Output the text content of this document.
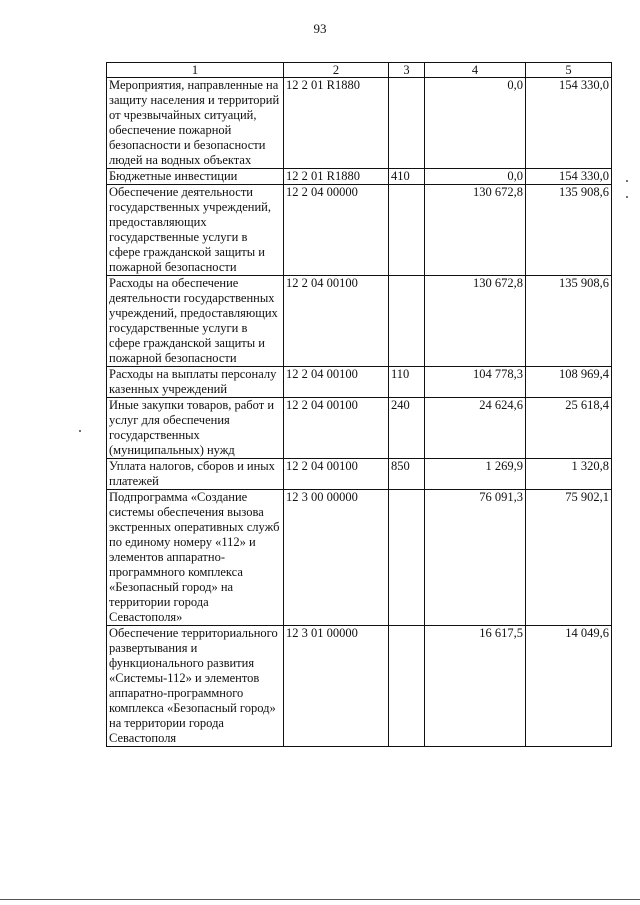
93
1	2	3	4	5
Мероприятия, направленные на защиту населения и территорий от чрезвычайных ситуаций, обеспечение пожарной безопасности и безопасности людей на водных объектах	12 2 01 R1880		0,0	154 330,0
Бюджетные инвестиции	12 2 01 R1880	410	0,0	154 330,0
Обеспечение деятельности государственных учреждений, предоставляющих государственные услуги в сфере гражданской защиты и пожарной безопасности	12 2 04 00000		130 672,8	135 908,6
Расходы на обеспечение деятельности государственных учреждений, предоставляющих государственные услуги в сфере гражданской защиты и пожарной безопасности	12 2 04 00100		130 672,8	135 908,6
Расходы на выплаты персоналу казенных учреждений	12 2 04 00100	110	104 778,3	108 969,4
Иные закупки товаров, работ и услуг для обеспечения государственных (муниципальных) нужд	12 2 04 00100	240	24 624,6	25 618,4
Уплата налогов, сборов и иных платежей	12 2 04 00100	850	1 269,9	1 320,8
Подпрограмма «Создание системы обеспечения вызова экстренных оперативных служб по единому номеру «112» и элементов аппаратно-программного комплекса «Безопасный город» на территории города Севастополя»	12 3 00 00000		76 091,3	75 902,1
Обеспечение территориального развертывания и функционального развития «Системы-112» и элементов аппаратно-программного комплекса «Безопасный город» на территории города Севастополя	12 3 01 00000		16 617,5	14 049,6
